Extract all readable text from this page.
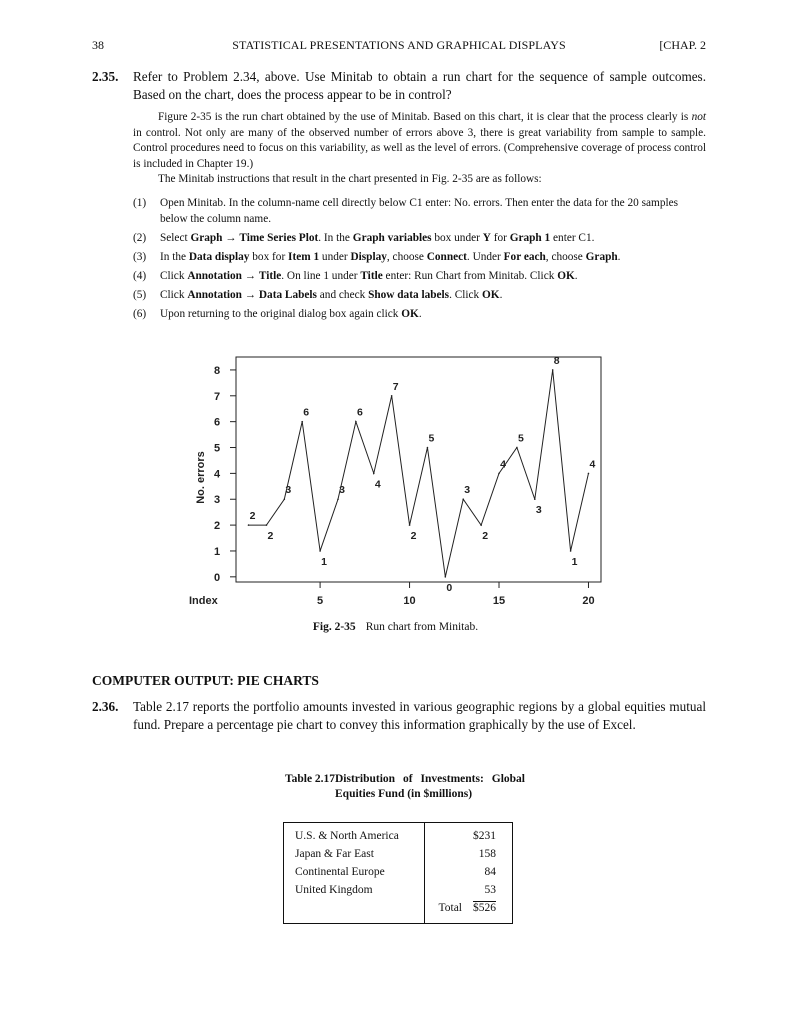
38	STATISTICAL PRESENTATIONS AND GRAPHICAL DISPLAYS	[CHAP. 2
2.35. Refer to Problem 2.34, above. Use Minitab to obtain a run chart for the sequence of sample outcomes. Based on the chart, does the process appear to be in control?

Figure 2-35 is the run chart obtained by the use of Minitab. Based on this chart, it is clear that the process clearly is not in control. Not only are many of the observed number of errors above 3, there is great variability from sample to sample. Control procedures need to focus on this variability, as well as the level of errors. (Comprehensive coverage of process control is included in Chapter 19.)

The Minitab instructions that result in the chart presented in Fig. 2-35 are as follows:

(1) Open Minitab. In the column-name cell directly below C1 enter: No. errors. Then enter the data for the 20 samples below the column name.
(2) Select Graph → Time Series Plot. In the Graph variables box under Y for Graph 1 enter C1.
(3) In the Data display box for Item 1 under Display, choose Connect. Under For each, choose Graph.
(4) Click Annotation → Title. On line 1 under Title enter: Run Chart from Minitab. Click OK.
(5) Click Annotation → Data Labels and check Show data labels. Click OK.
(6) Upon returning to the original dialog box again click OK.
0
1
2
3
4
5
6
7
8
5	10	15	20
Index
No. errors
2
2
3
6
1
3
6
4
7
2
5
0
3
2
4
5
3
8
1
4
Fig. 2-35 Run chart from Minitab.
COMPUTER OUTPUT: PIE CHARTS
2.36. Table 2.17 reports the portfolio amounts invested in various geographic regions by a global equities mutual fund. Prepare a percentage pie chart to convey this information graphically by the use of Excel.
Table 2.17 Distribution of Investments: Global Equities Fund (in $millions)
U.S. & North America	$231
Japan & Far East	158
Continental Europe	84
United Kingdom	53
Total $526
